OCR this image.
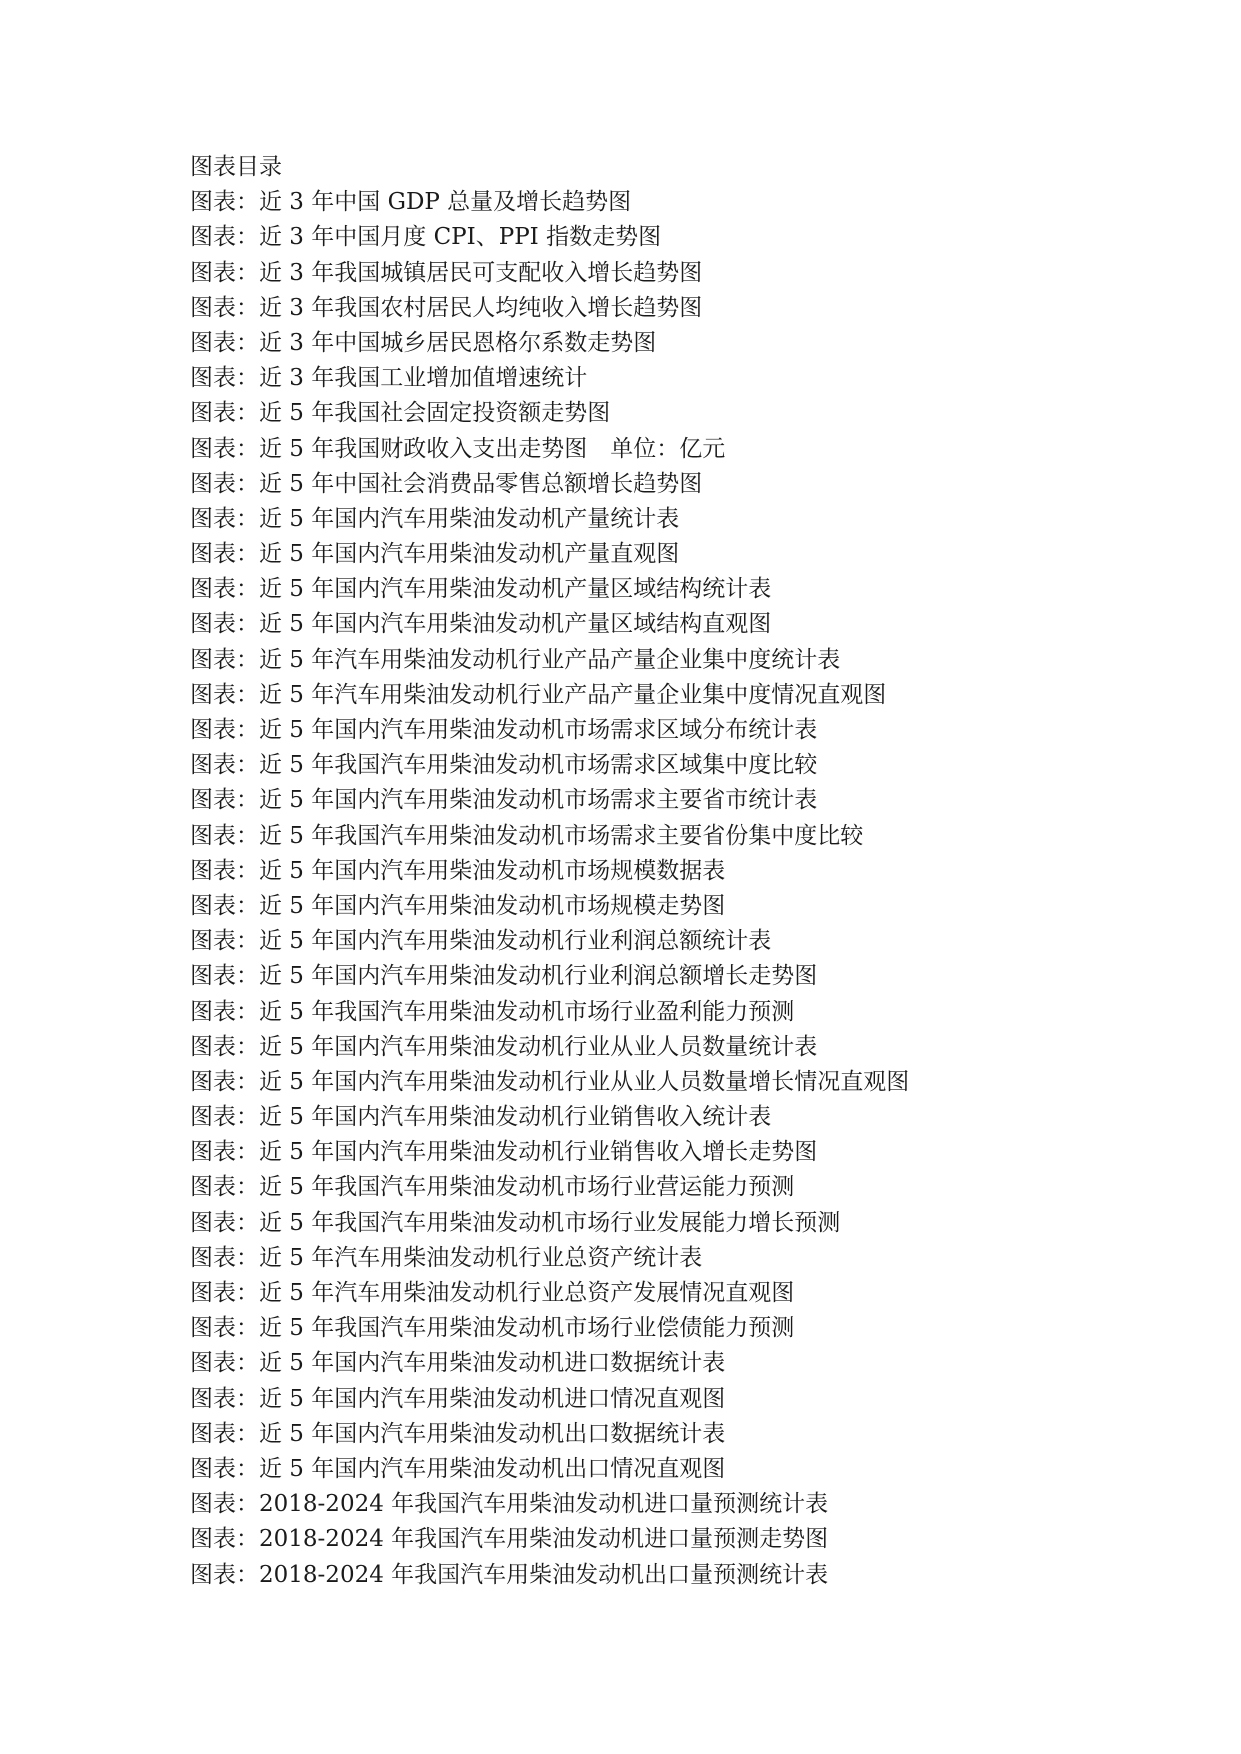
图表目录
图表：近 3 年中国 GDP 总量及增长趋势图
图表：近 3 年中国月度 CPI、PPI 指数走势图
图表：近 3 年我国城镇居民可支配收入增长趋势图
图表：近 3 年我国农村居民人均纯收入增长趋势图
图表：近 3 年中国城乡居民恩格尔系数走势图
图表：近 3 年我国工业增加值增速统计
图表：近 5 年我国社会固定投资额走势图
图表：近 5 年我国财政收入支出走势图　单位：亿元
图表：近 5 年中国社会消费品零售总额增长趋势图
图表：近 5 年国内汽车用柴油发动机产量统计表
图表：近 5 年国内汽车用柴油发动机产量直观图
图表：近 5 年国内汽车用柴油发动机产量区域结构统计表
图表：近 5 年国内汽车用柴油发动机产量区域结构直观图
图表：近 5 年汽车用柴油发动机行业产品产量企业集中度统计表
图表：近 5 年汽车用柴油发动机行业产品产量企业集中度情况直观图
图表：近 5 年国内汽车用柴油发动机市场需求区域分布统计表
图表：近 5 年我国汽车用柴油发动机市场需求区域集中度比较
图表：近 5 年国内汽车用柴油发动机市场需求主要省市统计表
图表：近 5 年我国汽车用柴油发动机市场需求主要省份集中度比较
图表：近 5 年国内汽车用柴油发动机市场规模数据表
图表：近 5 年国内汽车用柴油发动机市场规模走势图
图表：近 5 年国内汽车用柴油发动机行业利润总额统计表
图表：近 5 年国内汽车用柴油发动机行业利润总额增长走势图
图表：近 5 年我国汽车用柴油发动机市场行业盈利能力预测
图表：近 5 年国内汽车用柴油发动机行业从业人员数量统计表
图表：近 5 年国内汽车用柴油发动机行业从业人员数量增长情况直观图
图表：近 5 年国内汽车用柴油发动机行业销售收入统计表
图表：近 5 年国内汽车用柴油发动机行业销售收入增长走势图
图表：近 5 年我国汽车用柴油发动机市场行业营运能力预测
图表：近 5 年我国汽车用柴油发动机市场行业发展能力增长预测
图表：近 5 年汽车用柴油发动机行业总资产统计表
图表：近 5 年汽车用柴油发动机行业总资产发展情况直观图
图表：近 5 年我国汽车用柴油发动机市场行业偿债能力预测
图表：近 5 年国内汽车用柴油发动机进口数据统计表
图表：近 5 年国内汽车用柴油发动机进口情况直观图
图表：近 5 年国内汽车用柴油发动机出口数据统计表
图表：近 5 年国内汽车用柴油发动机出口情况直观图
图表：2018-2024 年我国汽车用柴油发动机进口量预测统计表
图表：2018-2024 年我国汽车用柴油发动机进口量预测走势图
图表：2018-2024 年我国汽车用柴油发动机出口量预测统计表
